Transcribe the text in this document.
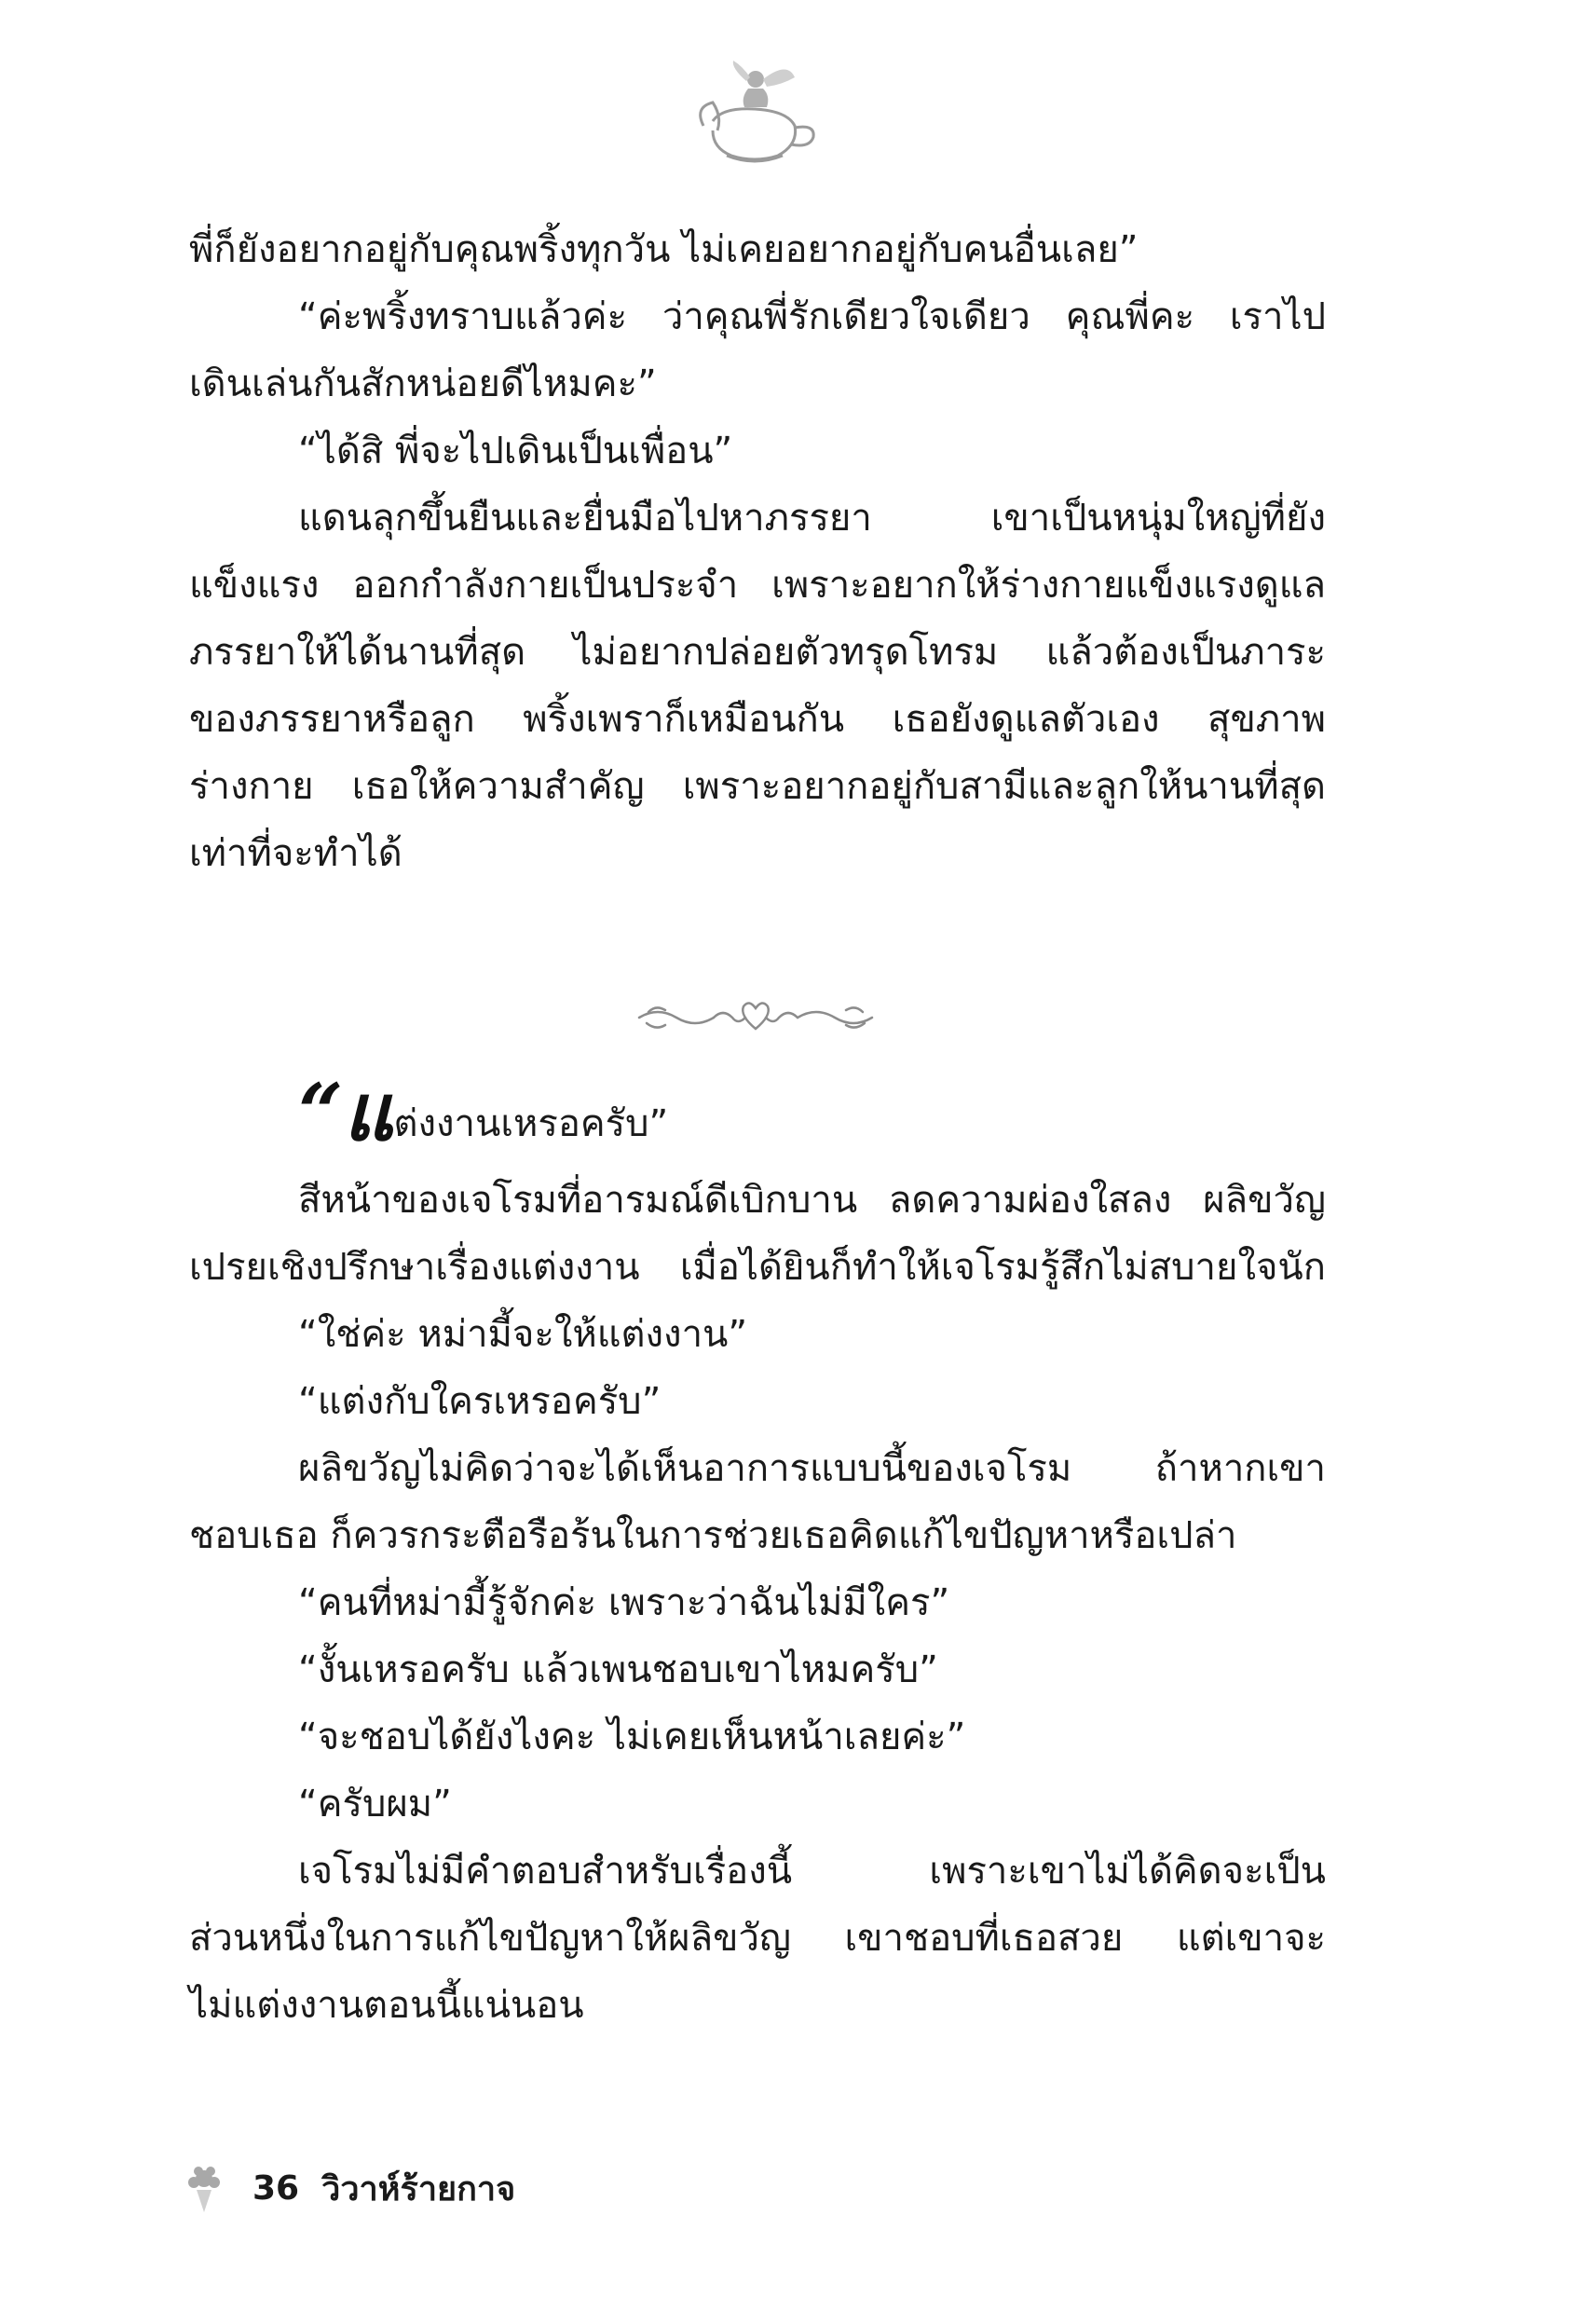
พี่ก็ยังอยากอยู่กับคุณพริ้งทุกวัน ไม่เคยอยากอยู่กับคนอื่นเลย”
“ค่ะพริ้งทราบแล้วค่ะ ว่าคุณพี่รักเดียวใจเดียว คุณพี่คะ เราไป
เดินเล่นกันสักหน่อยดีไหมคะ”
“ได้สิ พี่จะไปเดินเป็นเพื่อน”
แดนลุกขึ้นยืนและยื่นมือไปหาภรรยา เขาเป็นหนุ่มใหญ่ที่ยัง
แข็งแรง ออกกำลังกายเป็นประจำ เพราะอยากให้ร่างกายแข็งแรงดูแล
ภรรยาให้ได้นานที่สุด ไม่อยากปล่อยตัวทรุดโทรม แล้วต้องเป็นภาระ
ของภรรยาหรือลูก พริ้งเพราก็เหมือนกัน เธอยังดูแลตัวเอง สุขภาพ
ร่างกาย เธอให้ความสำคัญ เพราะอยากอยู่กับสามีและลูกให้นานที่สุด
เท่าที่จะทำได้
“แต่งงานเหรอครับ”
สีหน้าของเจโรมที่อารมณ์ดีเบิกบาน ลดความผ่องใสลง ผลิขวัญ
เปรยเชิงปรึกษาเรื่องแต่งงาน เมื่อได้ยินก็ทำให้เจโรมรู้สึกไม่สบายใจนัก
“ใช่ค่ะ หม่ามี้จะให้แต่งงาน”
“แต่งกับใครเหรอครับ”
ผลิขวัญไม่คิดว่าจะได้เห็นอาการแบบนี้ของเจโรม ถ้าหากเขา
ชอบเธอ ก็ควรกระตือรือร้นในการช่วยเธอคิดแก้ไขปัญหาหรือเปล่า
“คนที่หม่ามี้รู้จักค่ะ เพราะว่าฉันไม่มีใคร”
“งั้นเหรอครับ แล้วเพนชอบเขาไหมครับ”
“จะชอบได้ยังไงคะ ไม่เคยเห็นหน้าเลยค่ะ”
“ครับผม”
เจโรมไม่มีคำตอบสำหรับเรื่องนี้ เพราะเขาไม่ได้คิดจะเป็น
ส่วนหนึ่งในการแก้ไขปัญหาให้ผลิขวัญ เขาชอบที่เธอสวย แต่เขาจะ
ไม่แต่งงานตอนนี้แน่นอน
36 วิวาห์ร้ายกาจ
